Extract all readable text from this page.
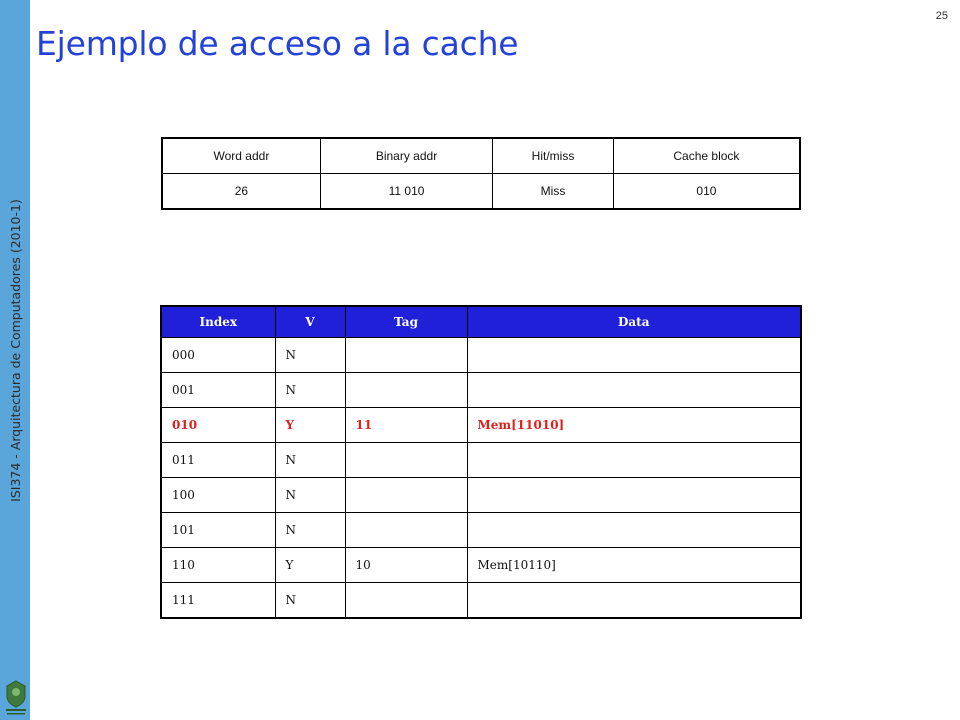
ISI374 - Arquitectura de Computadores (2010-1)
25
Ejemplo de acceso a la cache
Word addr	Binary addr	Hit/miss	Cache block
26	11 010	Miss	010
Index	V	Tag	Data
000	N		
001	N		
010	Y	11	Mem[11010]
011	N		
100	N		
101	N		
110	Y	10	Mem[10110]
111	N		
